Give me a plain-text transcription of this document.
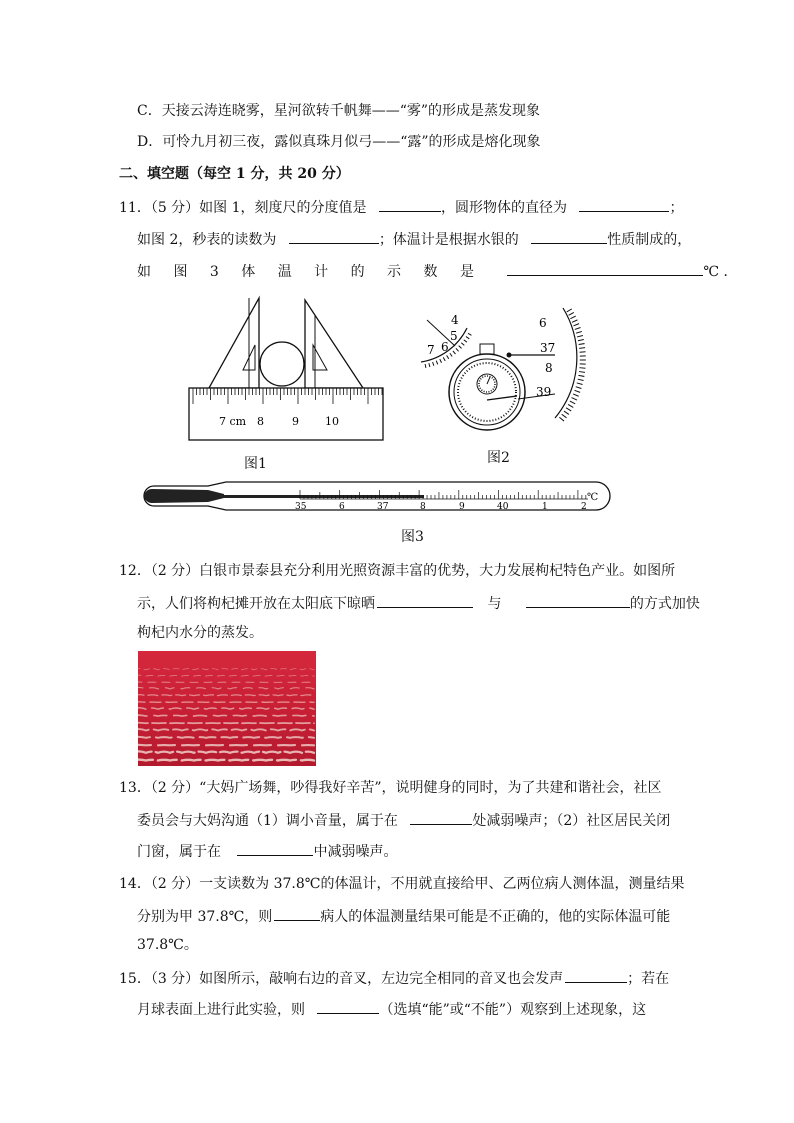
C．天接云涛连晓雾，星河欲转千帆舞——“雾”的形成是蒸发现象
D．可怜九月初三夜，露似真珠月似弓——“露”的形成是熔化现象
二、填空题（每空 1 分，共 20 分）
11．（5 分）如图 1，刻度尺的分度值是	，圆形物体的直径为	；
如图 2，秒表的读数为	；体温计是根据水银的	性质制成的，
如 图 3 体 温 计 的 示 数 是	℃ ．
7 cm 8	9 10
图1
4
5
6
7
6
37
8
39
图2
℃
35	6	37	8	9	40	1	2
图3
12．（2 分）白银市景泰县充分利用光照资源丰富的优势，大力发展枸杞特色产业。如图所
示，人们将枸杞摊开放在太阳底下晾晒	与	的方式加快
枸杞内水分的蒸发。
13．（2 分）“大妈广场舞，吵得我好辛苦”，说明健身的同时，为了共建和谐社会，社区
委员会与大妈沟通（1）调小音量，属于在	处减弱噪声；（2）社区居民关闭
门窗，属于在	中减弱噪声。
14．（2 分）一支读数为 37.8℃的体温计，不用就直接给甲、乙两位病人测体温，测量结果
分别为甲 37.8℃，则	病人的体温测量结果可能是不正确的，他的实际体温可能
37.8℃。
15．（3 分）如图所示，敲响右边的音叉，左边完全相同的音叉也会发声	；若在
月球表面上进行此实验，则	（选填“能”或“不能”）观察到上述现象，这
